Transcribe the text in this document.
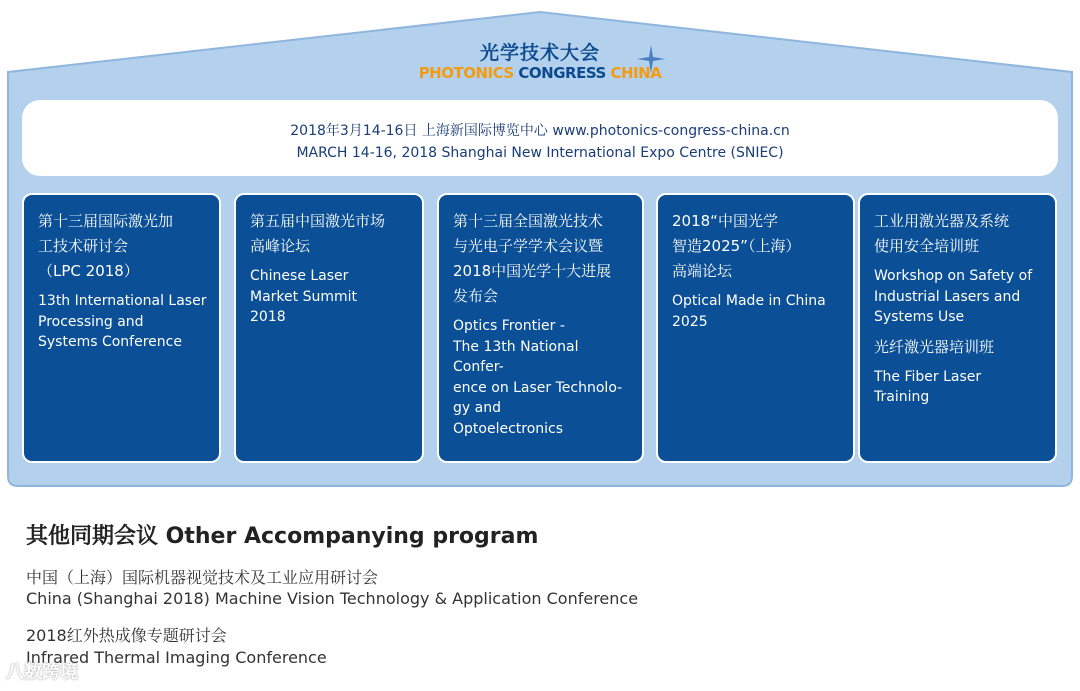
光学技术大会
PHOTONICS CONGRESS CHINA
2018年3月14-16日 上海新国际博览中心 www.photonics-congress-china.cn
MARCH 14-16, 2018 Shanghai New International Expo Centre (SNIEC)

第十三届国际激光加

工技术研讨会

（LPC 2018）

13th International Laser

Processing and

Systems Conference

第五届中国激光市场

高峰论坛

Chinese Laser

Market Summit

2018

第十三届全国激光技术

与光电子学学术会议暨

2018中国光学十大进展

发布会

Optics Frontier -

The 13th National Confer-

ence on Laser Technolo-

gy and

Optoelectronics

2018“中国光学

智造2025”（上海）

高端论坛

Optical Made in China

2025

工业用激光器及系统

使用安全培训班

Workshop on Safety of

Industrial Lasers and

Systems Use

光纤激光器培训班

The Fiber Laser

Training

其他同期会议 Other Accompanying program
中国（上海）国际机器视觉技术及工业应用研讨会
China (Shanghai 2018) Machine Vision Technology & Application Conference
2018红外热成像专题研讨会
Infrared Thermal Imaging Conference
八数跨境
